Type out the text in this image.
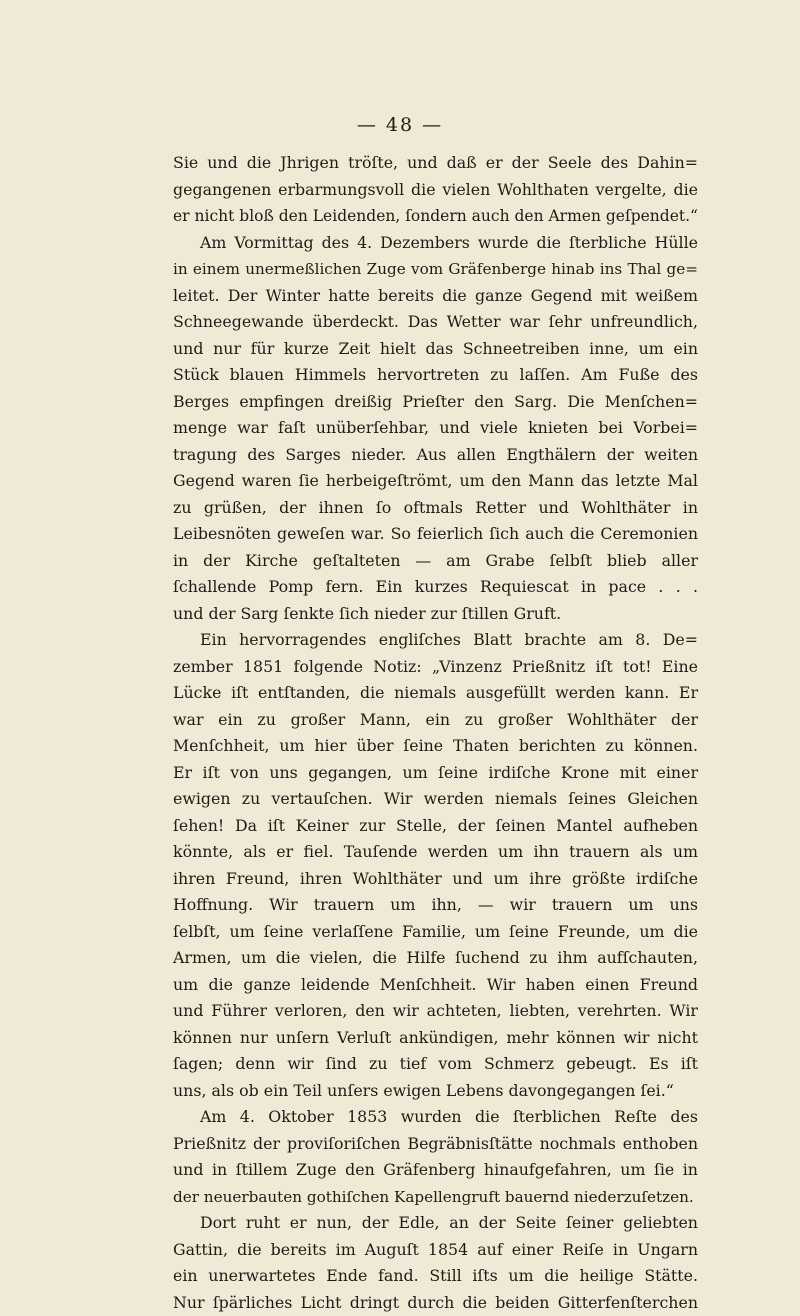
— 48 —
Sie und die Jhrigen tröſte, und daß er der Seele des Dahin=
gegangenen erbarmungsvoll die vielen Wohlthaten vergelte, die
er nicht bloß den Leidenden, ſondern auch den Armen geſpendet.“
Am Vormittag des 4. Dezembers wurde die ſterbliche Hülle
in einem unermeßlichen Zuge vom Gräfenberge hinab ins Thal ge=
leitet. Der Winter hatte bereits die ganze Gegend mit weißem
Schneegewande überdeckt. Das Wetter war ſehr unfreundlich,
und nur für kurze Zeit hielt das Schneetreiben inne, um ein
Stück blauen Himmels hervortreten zu laſſen. Am Fuße des
Berges empfingen dreißig Prieſter den Sarg. Die Menſchen=
menge war faſt unüberſehbar, und viele knieten bei Vorbei=
tragung des Sarges nieder. Aus allen Engthälern der weiten
Gegend waren ſie herbeigeſtrömt, um den Mann das letzte Mal
zu grüßen, der ihnen ſo oftmals Retter und Wohlthäter in
Leibesnöten geweſen war. So feierlich ſich auch die Ceremonien
in der Kirche geſtalteten — am Grabe ſelbſt blieb aller
ſchallende Pomp fern. Ein kurzes Requiescat in pace . . .
und der Sarg ſenkte ſich nieder zur ſtillen Gruft.
Ein hervorragendes engliſches Blatt brachte am 8. De=
zember 1851 folgende Notiz: „Vinzenz Prießnitz iſt tot! Eine
Lücke iſt entſtanden, die niemals ausgefüllt werden kann. Er
war ein zu großer Mann, ein zu großer Wohlthäter der
Menſchheit, um hier über ſeine Thaten berichten zu können.
Er iſt von uns gegangen, um ſeine irdiſche Krone mit einer
ewigen zu vertauſchen. Wir werden niemals ſeines Gleichen
ſehen! Da iſt Keiner zur Stelle, der ſeinen Mantel aufheben
könnte, als er fiel. Tauſende werden um ihn trauern als um
ihren Freund, ihren Wohlthäter und um ihre größte irdiſche
Hoffnung. Wir trauern um ihn, — wir trauern um uns
ſelbſt, um ſeine verlaſſene Familie, um ſeine Freunde, um die
Armen, um die vielen, die Hilfe ſuchend zu ihm aufſchauten,
um die ganze leidende Menſchheit. Wir haben einen Freund
und Führer verloren, den wir achteten, liebten, verehrten. Wir
können nur unſern Verluſt ankündigen, mehr können wir nicht
ſagen; denn wir ſind zu tief vom Schmerz gebeugt. Es iſt
uns, als ob ein Teil unſers ewigen Lebens davongegangen ſei.“
Am 4. Oktober 1853 wurden die ſterblichen Reſte des
Prießnitz der proviſoriſchen Begräbnisſtätte nochmals enthoben
und in ſtillem Zuge den Gräfenberg hinaufgefahren, um ſie in
der neuerbauten gothiſchen Kapellengruft bauernd niederzuſetzen.
Dort ruht er nun, der Edle, an der Seite ſeiner geliebten
Gattin, die bereits im Auguſt 1854 auf einer Reiſe in Ungarn
ein unerwartetes Ende fand. Still iſts um die heilige Stätte.
Nur ſpärliches Licht dringt durch die beiden Gitterfenſterchen
